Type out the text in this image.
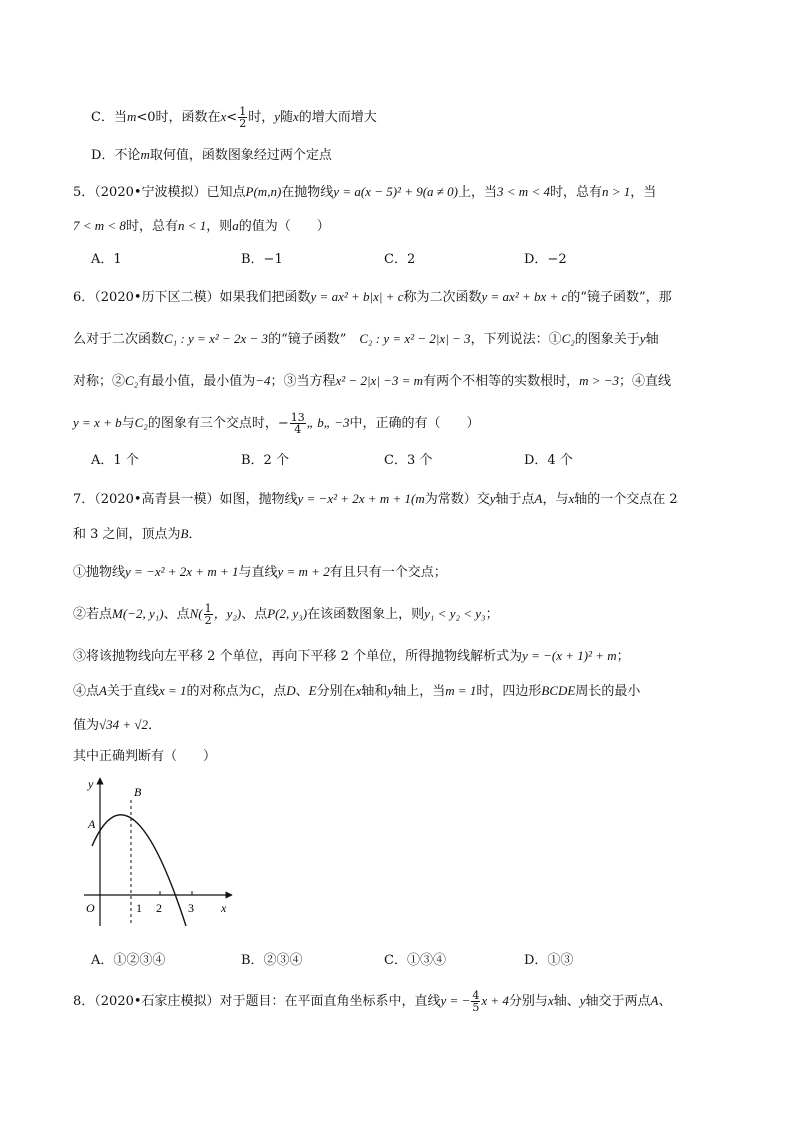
C．当m<0时，函数在$x< \frac{1}{2}$ 时，y随x的增大而增大
D．不论m取何值，函数图象经过两个定点
5．（2020•宁波模拟）已知点P(m,n)在抛物线y = a(x − 5)² + 9(a ≠ 0)上，当3 < m < 4时，总有n > 1，当
7 < m < 8时，总有n < 1，则a的值为（　　）
A．1	B．−1	C．2	D．−2
6．（2020•历下区二模）如果我们把函数y = ax² + b|x| + c称为二次函数y = ax² + bx + c的“镜子函数”，那
么对于二次函数C₁ : y = x² − 2x − 3的“镜子函数”　C₂ : y = x² − 2|x| − 3，下列说法：①C₂的图象关于y轴
对称；②C₂有最小值，最小值为−4；③当方程x² − 2|x| −3 = m有两个不相等的实数根时，m > −3；④直线
y = x + b与C₂的图象有三个交点时，− $\frac{13}{4}$ „ b„ −3中，正确的有（　　）
A．1 个	B．2 个	C．3 个	D．4 个
7．（2020•高青县一模）如图，抛物线y = −x² + 2x + m + 1(m为常数）交y轴于点A，与x轴的一个交点在 2
和 3 之间，顶点为B．
①抛物线y = −x² + 2x + m + 1与直线y = m + 2有且只有一个交点；
②若点M(−2, y₁)、点$N( \frac{1}{2}$ ，y₂)、点P(2, y₃)在该函数图象上，则y₁ < y₂ < y₃；
③将该抛物线向左平移 2 个单位，再向下平移 2 个单位，所得抛物线解析式为y = −(x + 1)² + m；
④点A关于直线x = 1的对称点为C，点D、E分别在x轴和y轴上，当m = 1时，四边形BCDE周长的最小
值为√34 + √2．
其中正确判断有（　　）
y
x
O
A
B
1 2 3
A．①②③④	B．②③④	C．①③④	D．①③
8．（2020•石家庄模拟）对于题目：在平面直角坐标系中，直线y = − $\frac{4}{5}$ x + 4分别与x轴、y轴交于两点A、
